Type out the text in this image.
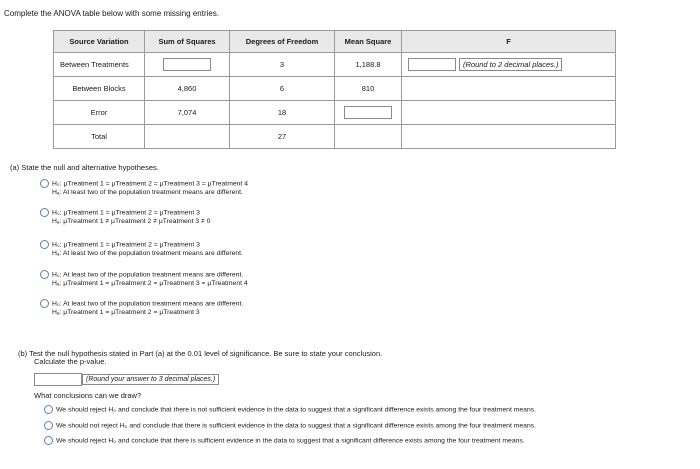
Complete the ANOVA table below with some missing entries.
Source Variation	Sum of Squares	Degrees of Freedom	Mean Square	F
Between Treatments		3	1,188.8	(Round to 2 decimal places.)
Between Blocks	4,860	6	810	
Error	7,074	18		
Total		27		
(a) State the null and alternative hypotheses.
H₀: μTreatment 1 = μTreatment 2 = μTreatment 3 = μTreatment 4
Hₐ: At least two of the population treatment means are different.
H₀: μTreatment 1 = μTreatment 2 = μTreatment 3
Hₐ: μTreatment 1 ≠ μTreatment 2 ≠ μTreatment 3 ≠ 0
H₀: μTreatment 1 = μTreatment 2 = μTreatment 3
Hₐ: At least two of the population treatment means are different.
H₀: At least two of the population treatment means are different.
Hₐ: μTreatment 1 = μTreatment 2 = μTreatment 3 = μTreatment 4
H₀: At least two of the population treatment means are different.
Hₐ: μTreatment 1 = μTreatment 2 = μTreatment 3
(b) Test the null hypothesis stated in Part (a) at the 0.01 level of significance. Be sure to state your conclusion.
Calculate the p-value.
(Round your answer to 3 decimal places.)
What conclusions can we draw?
We should reject H₀ and conclude that there is not sufficient evidence in the data to suggest that a significant difference exists among the four treatment means.
We should not reject H₀ and conclude that there is sufficient evidence in the data to suggest that a significant difference exists among the four treatment means.
We should reject H₀ and conclude that there is sufficient evidence in the data to suggest that a significant difference exists among the four treatment means.
